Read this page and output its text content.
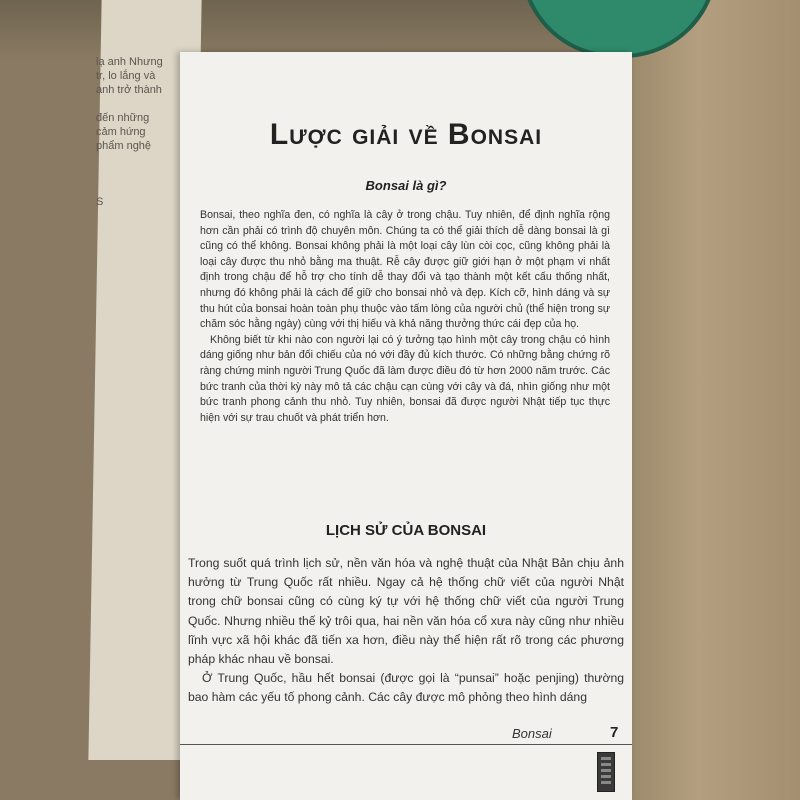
lạ anh Nhưng
tr, lo lắng và
anh trở thành

đến những
cảm hứng
phẩm nghệ

S
Lược giải về Bonsai
Bonsai là gì?

Bonsai, theo nghĩa đen, có nghĩa là cây ở trong chậu. Tuy nhiên, để định nghĩa rộng hơn cần phải có trình độ chuyên môn. Chúng ta có thể giải thích dễ dàng bonsai là gì cũng có thể không. Bonsai không phải là một loại cây lùn còi cọc, cũng không phải là loại cây được thu nhỏ bằng ma thuật. Rễ cây được giữ giới hạn ở một phạm vi nhất định trong chậu để hỗ trợ cho tính dễ thay đổi và tạo thành một kết cấu thống nhất, nhưng đó không phải là cách để giữ cho bonsai nhỏ và đẹp. Kích cỡ, hình dáng và sự thu hút của bonsai hoàn toàn phụ thuộc vào tấm lòng của người chủ (thể hiện trong sự chăm sóc hằng ngày) cùng với thị hiếu và khả năng thưởng thức cái đẹp của họ.

Không biết từ khi nào con người lại có ý tưởng tạo hình một cây trong chậu có hình dáng giống như bản đối chiếu của nó với đầy đủ kích thước. Có những bằng chứng rõ ràng chứng minh người Trung Quốc đã làm được điều đó từ hơn 2000 năm trước. Các bức tranh của thời kỳ này mô tả các chậu cạn cùng với cây và đá, nhìn giống như một bức tranh phong cảnh thu nhỏ. Tuy nhiên, bonsai đã được người Nhật tiếp tục thực hiện với sự trau chuốt và phát triển hơn.

LỊCH SỬ CỦA BONSAI

Trong suốt quá trình lịch sử, nền văn hóa và nghệ thuật của Nhật Bản chịu ảnh hưởng từ Trung Quốc rất nhiều. Ngay cả hệ thống chữ viết của người Nhật trong chữ bonsai cũng có cùng ký tự với hệ thống chữ viết của người Trung Quốc. Nhưng nhiều thế kỷ trôi qua, hai nền văn hóa cổ xưa này cũng như nhiều lĩnh vực xã hội khác đã tiến xa hơn, điều này thể hiện rất rõ trong các phương pháp khác nhau về bonsai.

Ở Trung Quốc, hầu hết bonsai (được gọi là “punsai” hoặc penjing) thường bao hàm các yếu tố phong cảnh. Các cây được mô phỏng theo hình dáng

Bonsai	7
